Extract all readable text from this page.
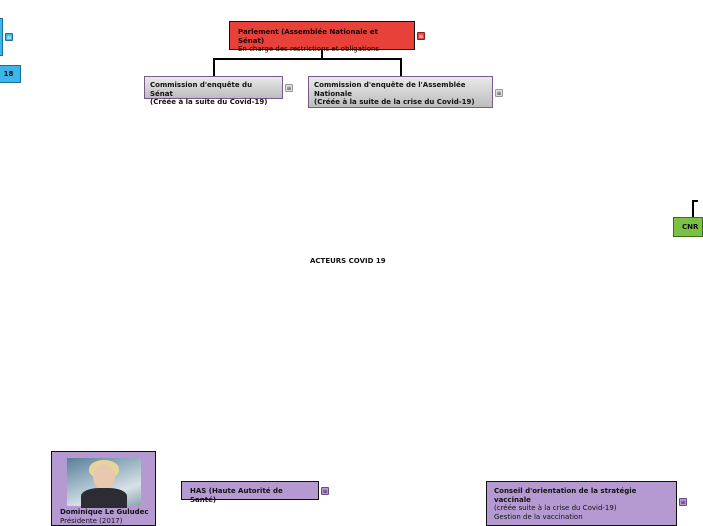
≡
18
Parlement (Assemblée Nationale et Sénat)
En charge des restrictions et obligations
≡
Commission d'enquête du Sénat
(Créée à la suite du Covid-19)
≡	Commission d'enquête de l'Assemblée
Nationale
(Créée à la suite de la crise du Covid-19)
≡
CNR
ACTEURS COVID 19
Dominique Le Guludec
Présidente (2017)
HAS (Haute Autorité de Santé)
≡	Conseil d'orientation de la stratégie
vaccinale
(créée suite à la crise du Covid-19)
Gestion de la vaccination
≡
